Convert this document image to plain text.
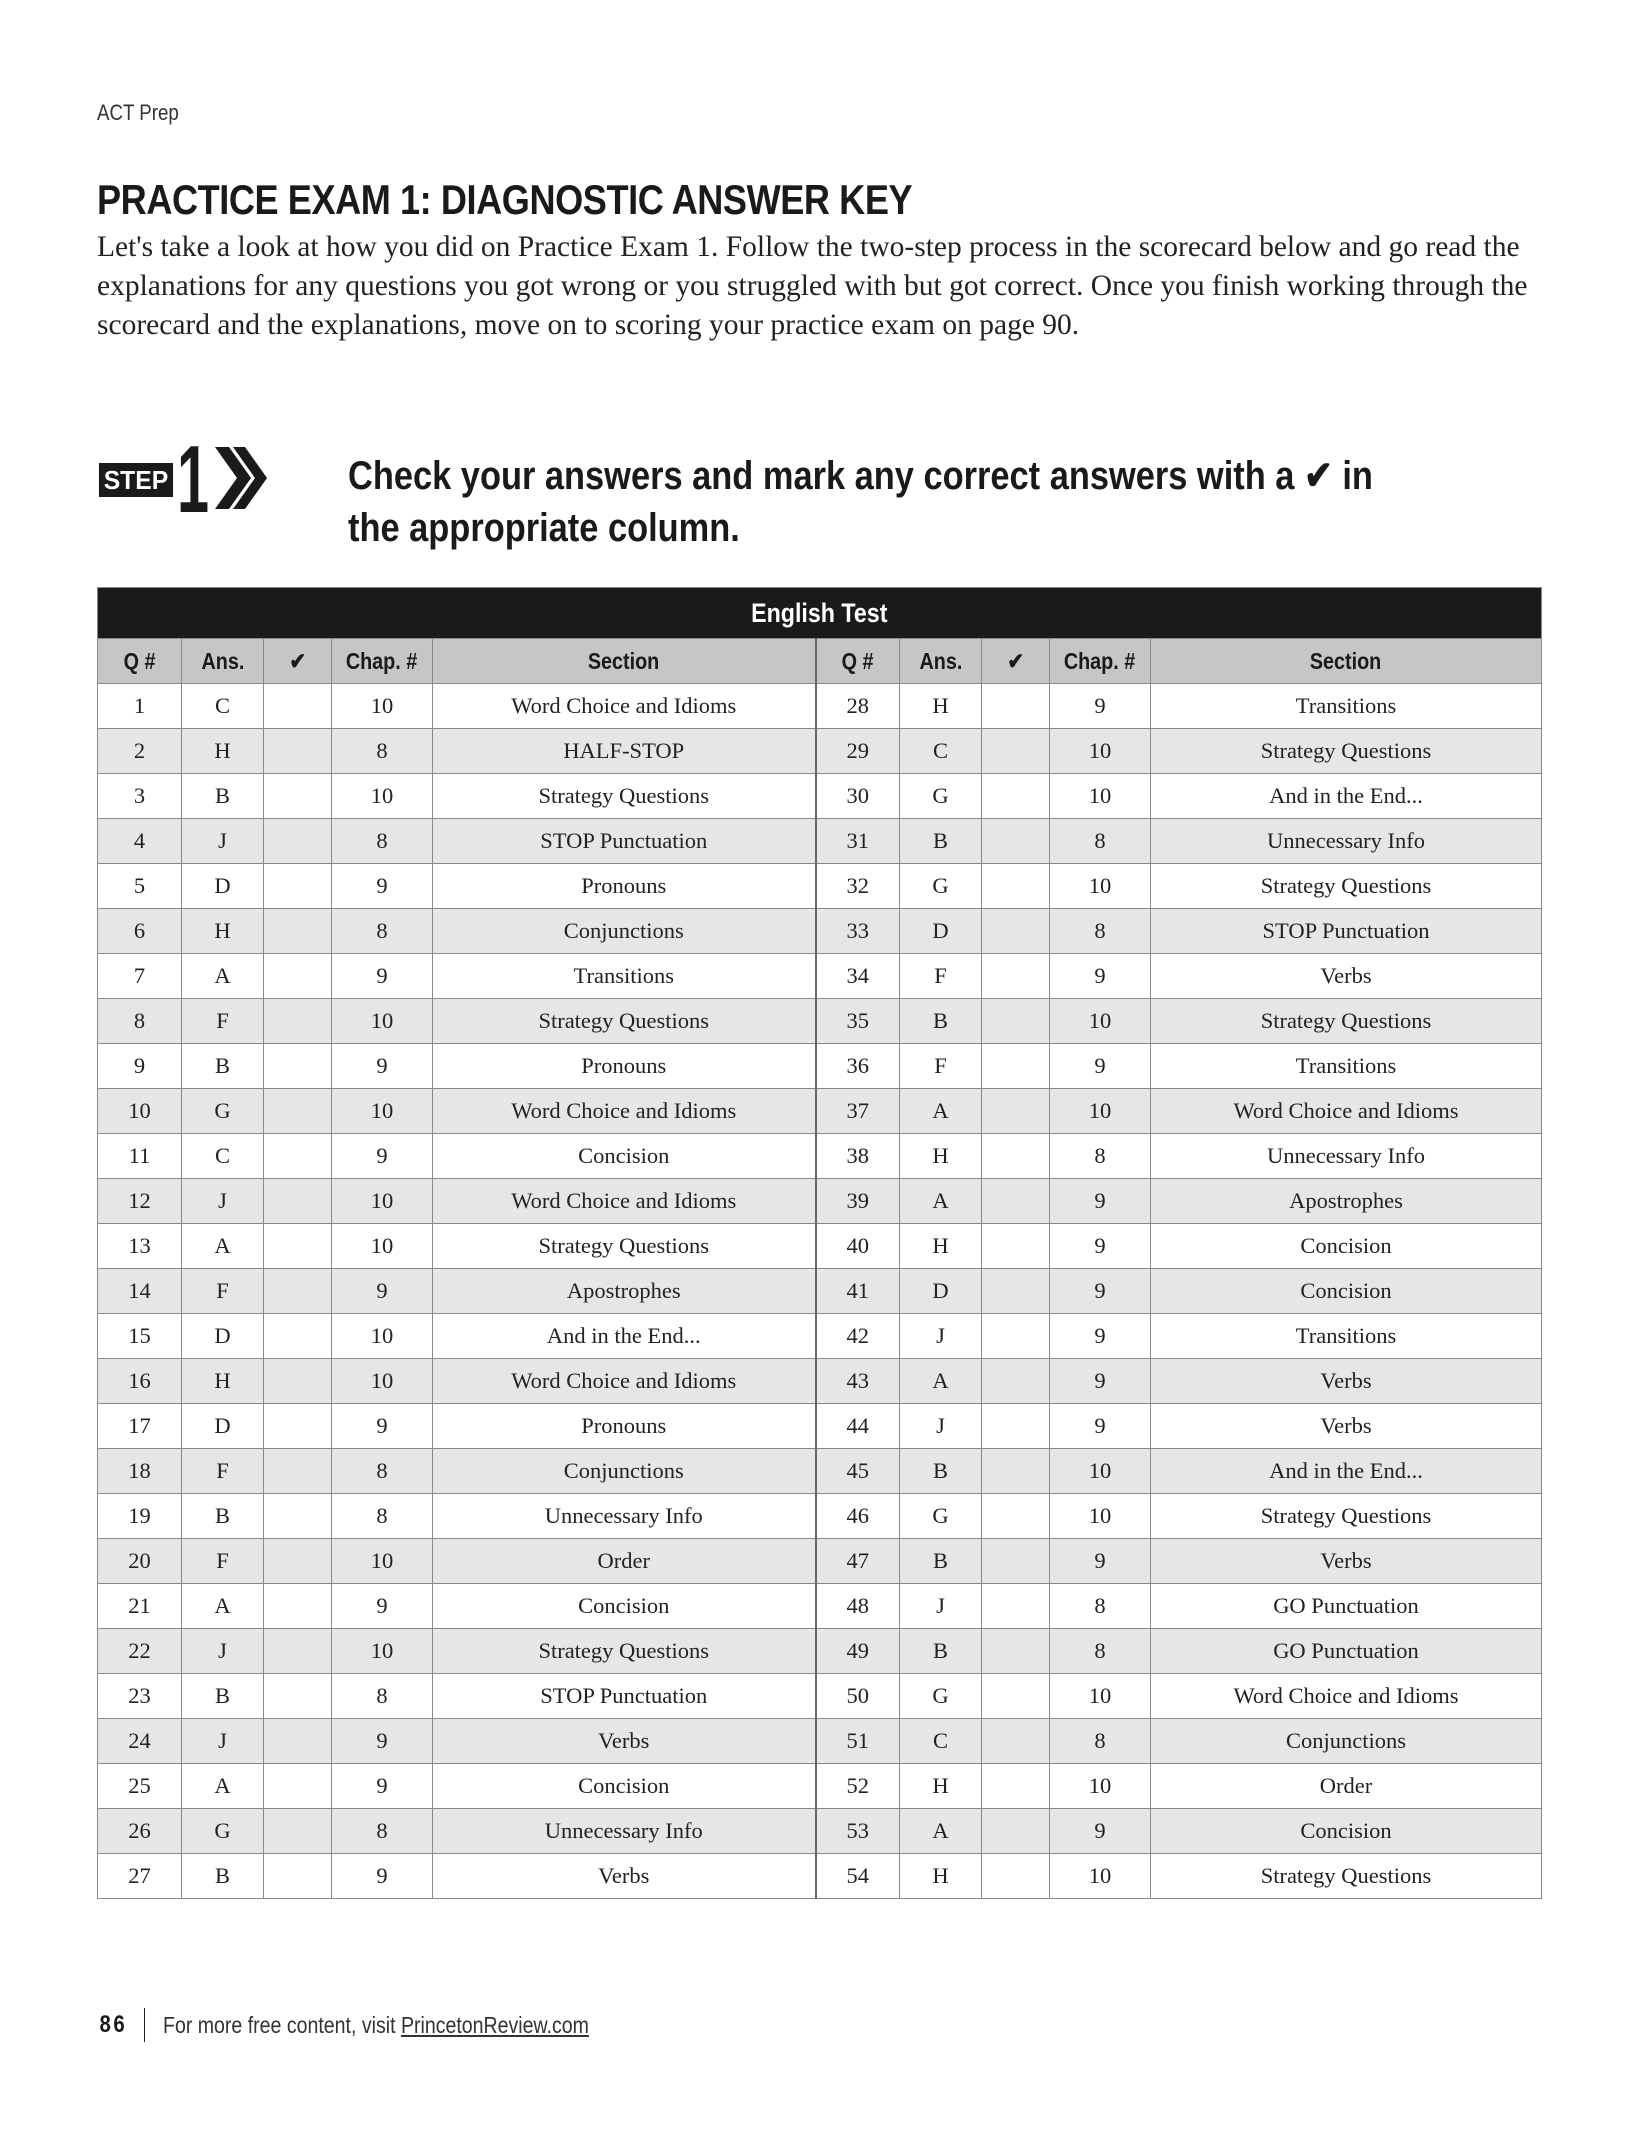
ACT Prep
PRACTICE EXAM 1: DIAGNOSTIC ANSWER KEY

Let's take a look at how you did on Practice Exam 1. Follow the two-step process in the scorecard below and go read the explanations for any questions you got wrong or you struggled with but got correct. Once you finish working through the scorecard and the explanations, move on to scoring your practice exam on page 90.

STEP 1	Check your answers and mark any correct answers with a ✔ in the appropriate column.

English Test									
Q #	Ans.	✔	Chap. #	Section	Q #	Ans.	✔	Chap. #	Section
1	C		10	Word Choice and Idioms	28	H		9	Transitions
2	H		8	HALF-STOP	29	C		10	Strategy Questions
3	B		10	Strategy Questions	30	G		10	And in the End...
4	J		8	STOP Punctuation	31	B		8	Unnecessary Info
5	D		9	Pronouns	32	G		10	Strategy Questions
6	H		8	Conjunctions	33	D		8	STOP Punctuation
7	A		9	Transitions	34	F		9	Verbs
8	F		10	Strategy Questions	35	B		10	Strategy Questions
9	B		9	Pronouns	36	F		9	Transitions
10	G		10	Word Choice and Idioms	37	A		10	Word Choice and Idioms
11	C		9	Concision	38	H		8	Unnecessary Info
12	J		10	Word Choice and Idioms	39	A		9	Apostrophes
13	A		10	Strategy Questions	40	H		9	Concision
14	F		9	Apostrophes	41	D		9	Concision
15	D		10	And in the End...	42	J		9	Transitions
16	H		10	Word Choice and Idioms	43	A		9	Verbs
17	D		9	Pronouns	44	J		9	Verbs
18	F		8	Conjunctions	45	B		10	And in the End...
19	B		8	Unnecessary Info	46	G		10	Strategy Questions
20	F		10	Order	47	B		9	Verbs
21	A		9	Concision	48	J		8	GO Punctuation
22	J		10	Strategy Questions	49	B		8	GO Punctuation
23	B		8	STOP Punctuation	50	G		10	Word Choice and Idioms
24	J		9	Verbs	51	C		8	Conjunctions
25	A		9	Concision	52	H		10	Order
26	G		8	Unnecessary Info	53	A		9	Concision
27	B		9	Verbs	54	H		10	Strategy Questions
86 For more free content, visit PrincetonReview.com
